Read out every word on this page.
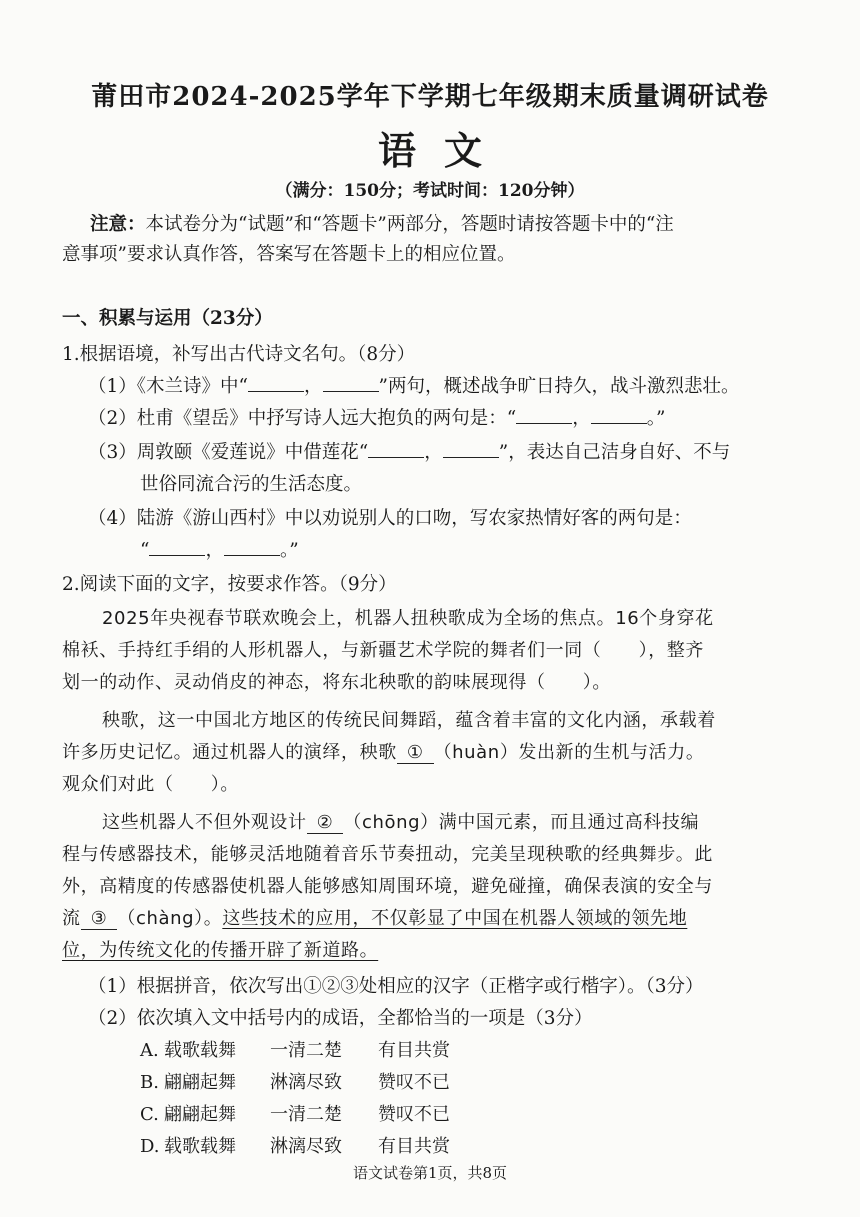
莆田市2024-2025学年下学期七年级期末质量调研试卷
语文
（满分：150分；考试时间：120分钟）
注意：本试卷分为“试题”和“答题卡”两部分，答题时请按答题卡中的“注
意事项”要求认真作答，答案写在答题卡上的相应位置。
一、积累与运用（23分）
1.根据语境，补写出古代诗文名句。（8分）
（1）《木兰诗》中“	，	”两句，概述战争旷日持久，战斗激烈悲壮。
（2）杜甫《望岳》中抒写诗人远大抱负的两句是：“	，	。”
（3）周敦颐《爱莲说》中借莲花“	，	”，表达自己洁身自好、不与
世俗同流合污的生活态度。
（4）陆游《游山西村》中以劝说别人的口吻，写农家热情好客的两句是：
“	，	。”
2.阅读下面的文字，按要求作答。（9分）
2025年央视春节联欢晚会上，机器人扭秧歌成为全场的焦点。16个身穿花
棉袄、手持红手绢的人形机器人，与新疆艺术学院的舞者们一同（　　），整齐
划一的动作、灵动俏皮的神态，将东北秧歌的韵味展现得（　　）。
秧歌，这一中国北方地区的传统民间舞蹈，蕴含着丰富的文化内涵，承载着
许多历史记忆。通过机器人的演绎，秧歌 ① （huàn）发出新的生机与活力。
观众们对此（　　）。
这些机器人不但外观设计 ② （chōng）满中国元素，而且通过高科技编
程与传感器技术，能够灵活地随着音乐节奏扭动，完美呈现秧歌的经典舞步。此
外，高精度的传感器使机器人能够感知周围环境，避免碰撞，确保表演的安全与
流 ③ （chàng）。这些技术的应用，不仅彰显了中国在机器人领域的领先地
位，为传统文化的传播开辟了新道路。
（1）根据拼音，依次写出①②③处相应的汉字（正楷字或行楷字）。（3分）
（2）依次填入文中括号内的成语，全都恰当的一项是（3分）
A. 载歌载舞 一清二楚 有目共赏
B. 翩翩起舞 淋漓尽致 赞叹不已
C. 翩翩起舞 一清二楚 赞叹不已
D. 载歌载舞 淋漓尽致 有目共赏
语文试卷第1页，共8页
